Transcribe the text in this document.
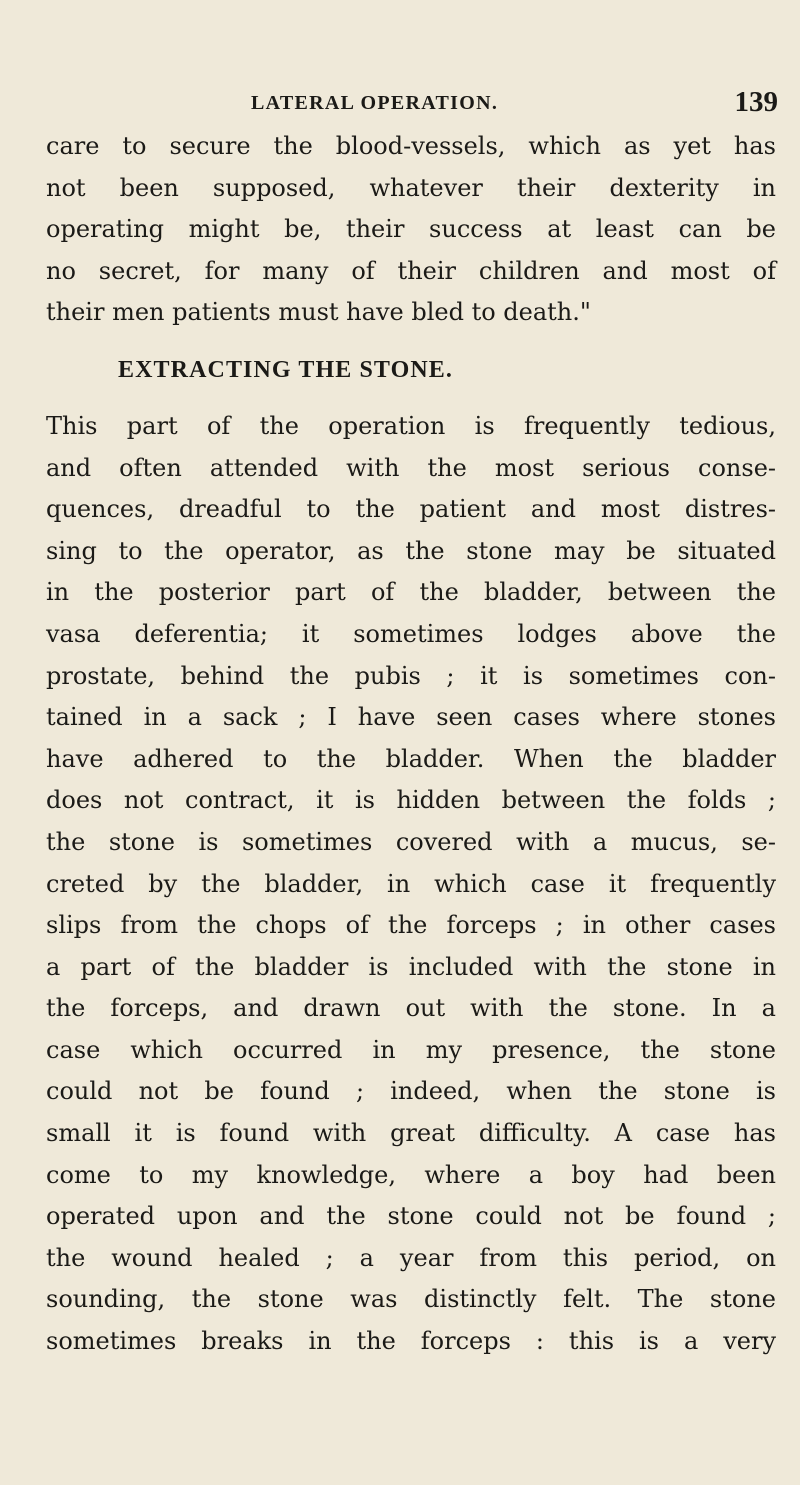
LATERAL OPERATION.	139

care to secure the blood-vessels, which as yet has
not been supposed, whatever their dexterity in
operating might be, their success at least can be
no secret, for many of their children and most of
their men patients must have bled to death."

EXTRACTING THE STONE.

This part of the operation is frequently tedious,
and often attended with the most serious conse-
quences, dreadful to the patient and most distres-
sing to the operator, as the stone may be situated
in the posterior part of the bladder, between the
vasa deferentia; it sometimes lodges above the
prostate, behind the pubis ; it is sometimes con-
tained in a sack ; I have seen cases where stones
have adhered to the bladder. When the bladder
does not contract, it is hidden between the folds ;
the stone is sometimes covered with a mucus, se-
creted by the bladder, in which case it frequently
slips from the chops of the forceps ; in other cases
a part of the bladder is included with the stone in
the forceps, and drawn out with the stone. In a
case which occurred in my presence, the stone
could not be found ; indeed, when the stone is
small it is found with great difficulty. A case has
come to my knowledge, where a boy had been
operated upon and the stone could not be found ;
the wound healed ; a year from this period, on
sounding, the stone was distinctly felt. The stone
sometimes breaks in the forceps : this is a very
